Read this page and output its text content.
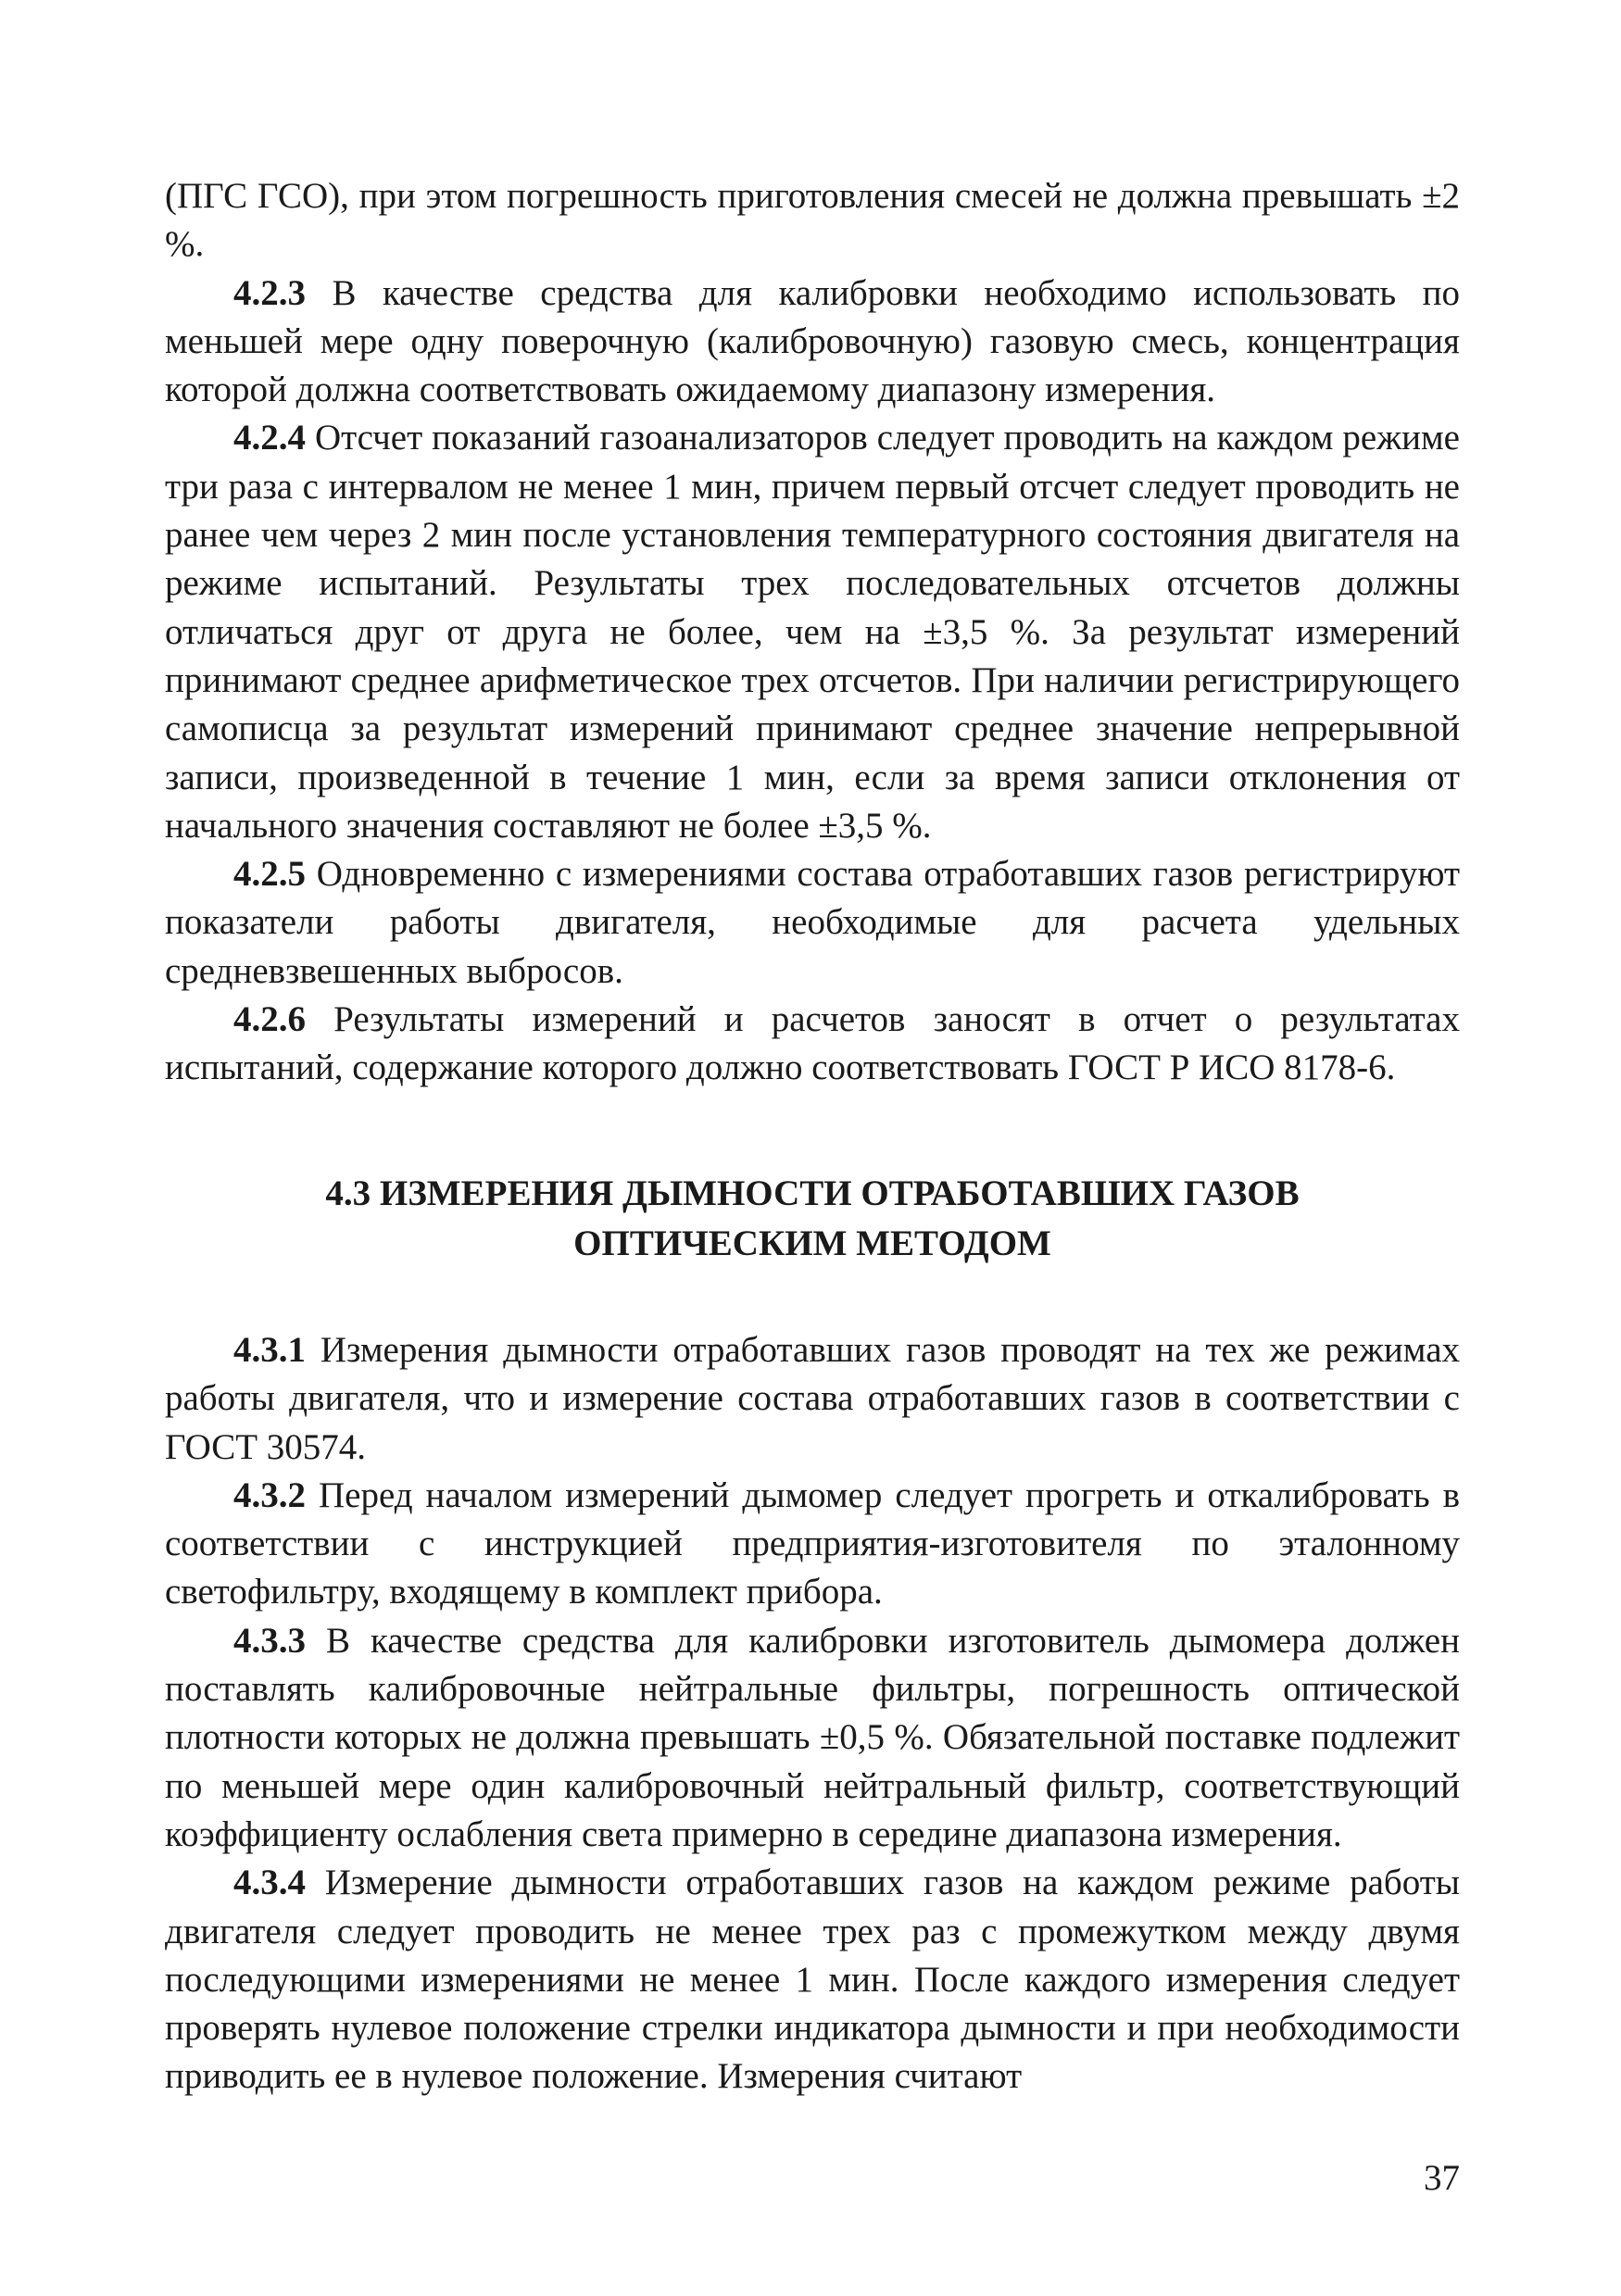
(ПГС ГСО), при этом погрешность приготовления смесей не должна превышать ±2 %.

4.2.3 В качестве средства для калибровки необходимо использовать по меньшей мере одну поверочную (калибровочную) газовую смесь, концентрация которой должна соответствовать ожидаемому диапазону измерения.

4.2.4 Отсчет показаний газоанализаторов следует проводить на каждом режиме три раза с интервалом не менее 1 мин, причем первый отсчет следует проводить не ранее чем через 2 мин после установления температурного состояния двигателя на режиме испытаний. Результаты трех последовательных отсчетов должны отличаться друг от друга не более, чем на ±3,5 %. За результат измерений принимают среднее арифметическое трех отсчетов. При наличии регистрирующего самописца за результат измерений принимают среднее значение непрерывной записи, произведенной в течение 1 мин, если за время записи отклонения от начального значения составляют не более ±3,5 %.

4.2.5 Одновременно с измерениями состава отработавших газов регистрируют показатели работы двигателя, необходимые для расчета удельных средневзвешенных выбросов.

4.2.6 Результаты измерений и расчетов заносят в отчет о результатах испытаний, содержание которого должно соответствовать ГОСТ Р ИСО 8178-6.

4.3 ИЗМЕРЕНИЯ ДЫМНОСТИ ОТРАБОТАВШИХ ГАЗОВ
ОПТИЧЕСКИМ МЕТОДОМ

4.3.1 Измерения дымности отработавших газов проводят на тех же режимах работы двигателя, что и измерение состава отработавших газов в соответствии с ГОСТ 30574.

4.3.2 Перед началом измерений дымомер следует прогреть и откалибровать в соответствии с инструкцией предприятия-изготовителя по эталонному светофильтру, входящему в комплект прибора.

4.3.3 В качестве средства для калибровки изготовитель дымомера должен поставлять калибровочные нейтральные фильтры, погрешность оптической плотности которых не должна превышать ±0,5 %. Обязательной поставке подлежит по меньшей мере один калибровочный нейтральный фильтр, соответствующий коэффициенту ослабления света примерно в середине диапазона измерения.

4.3.4 Измерение дымности отработавших газов на каждом режиме работы двигателя следует проводить не менее трех раз с промежутком между двумя последующими измерениями не менее 1 мин. После каждого измерения следует проверять нулевое положение стрелки индикатора дымности и при необходимости приводить ее в нулевое положение. Измерения считают

37
